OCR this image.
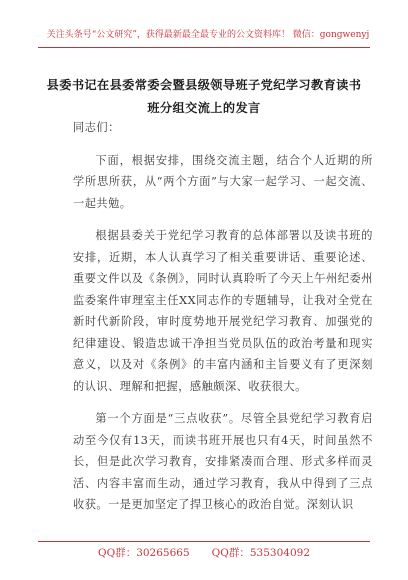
关注头条号“公文研究”，获得最新最全最专业的公文资料库！ 微信：gongwenyj
县委书记在县委常委会暨县级领导班子党纪学习教育读书
班分组交流上的发言

同志们：

下面，根据安排，围绕交流主题，结合个人近期的所学所思所获，从“两个方面”与大家一起学习、一起交流、一起共勉。

根据县委关于党纪学习教育的总体部署以及读书班的安排，近期，本人认真学习了相关重要讲话、重要论述、重要文件以及《条例》，同时认真聆听了今天上午州纪委州监委案件审理室主任XX同志作的专题辅导，让我对全党在新时代新阶段，审时度势地开展党纪学习教育、加强党的纪律建设、锻造忠诚干净担当党员队伍的政治考量和现实意义，以及对《条例》的丰富内涵和主旨要义有了更深刻的认识、理解和把握，感触颇深、收获很大。

第一个方面是“三点收获”。尽管全县党纪学习教育启动至今仅有13天，而读书班开展也只有4天，时间虽然不长，但是此次学习教育，安排紧凑而合理、形式多样而灵活、内容丰富而生动，通过学习教育，我从中得到了三点收获。一是更加坚定了捍卫核心的政治自觉。深刻认识

QQ群：30265665 QQ群：535304092
